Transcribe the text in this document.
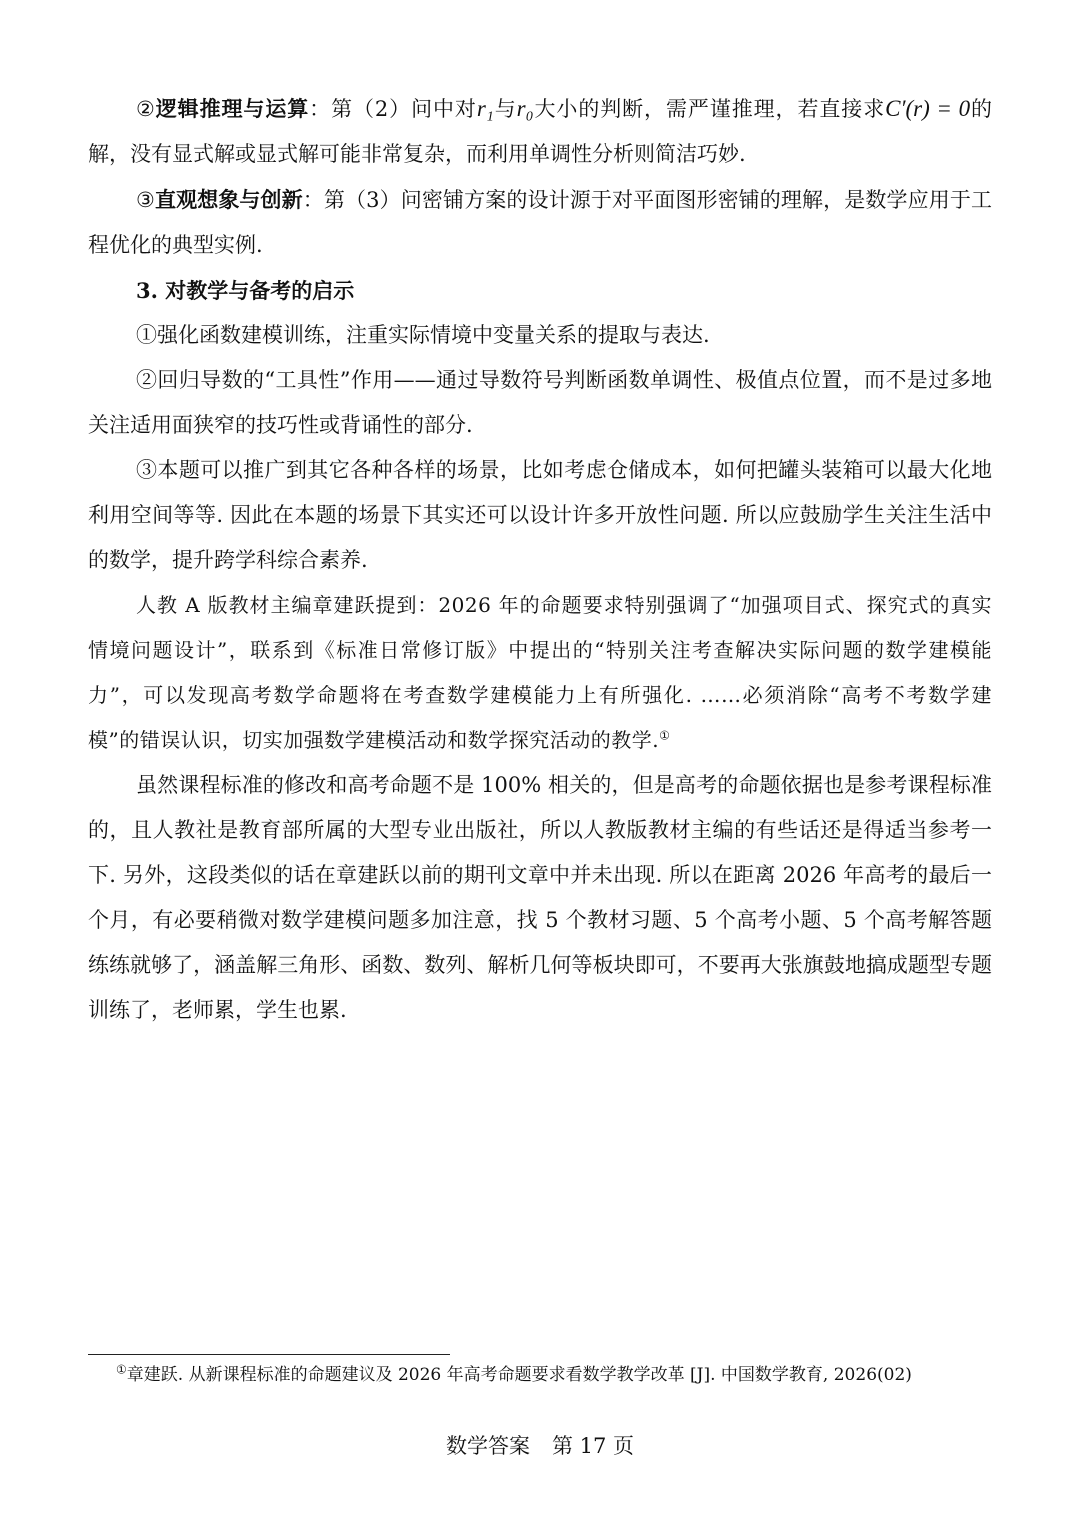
②逻辑推理与运算：第（2）问中对r₁与r₀大小的判断，需严谨推理，若直接求C′(r) = 0的解，没有显式解或显式解可能非常复杂，而利用单调性分析则简洁巧妙.

③直观想象与创新：第（3）问密铺方案的设计源于对平面图形密铺的理解，是数学应用于工程优化的典型实例.

3. 对教学与备考的启示

①强化函数建模训练，注重实际情境中变量关系的提取与表达.

②回归导数的“工具性”作用——通过导数符号判断函数单调性、极值点位置，而不是过多地关注适用面狭窄的技巧性或背诵性的部分.

③本题可以推广到其它各种各样的场景，比如考虑仓储成本，如何把罐头装箱可以最大化地利用空间等等. 因此在本题的场景下其实还可以设计许多开放性问题. 所以应鼓励学生关注生活中的数学，提升跨学科综合素养.

人教 A 版教材主编章建跃提到：2026 年的命题要求特别强调了“加强项目式、探究式的真实情境问题设计”，联系到《标准日常修订版》中提出的“特别关注考查解决实际问题的数学建模能力”，可以发现高考数学命题将在考查数学建模能力上有所强化. ……必须消除“高考不考数学建模”的错误认识，切实加强数学建模活动和数学探究活动的教学.①

虽然课程标准的修改和高考命题不是 100% 相关的，但是高考的命题依据也是参考课程标准的，且人教社是教育部所属的大型专业出版社，所以人教版教材主编的有些话还是得适当参考一下. 另外，这段类似的话在章建跃以前的期刊文章中并未出现. 所以在距离 2026 年高考的最后一个月，有必要稍微对数学建模问题多加注意，找 5 个教材习题、5 个高考小题、5 个高考解答题练练就够了，涵盖解三角形、函数、数列、解析几何等板块即可，不要再大张旗鼓地搞成题型专题训练了，老师累，学生也累.

①章建跃. 从新课程标准的命题建议及 2026 年高考命题要求看数学教学改革 [J]. 中国数学教育, 2026(02)
数学答案 第 17 页
